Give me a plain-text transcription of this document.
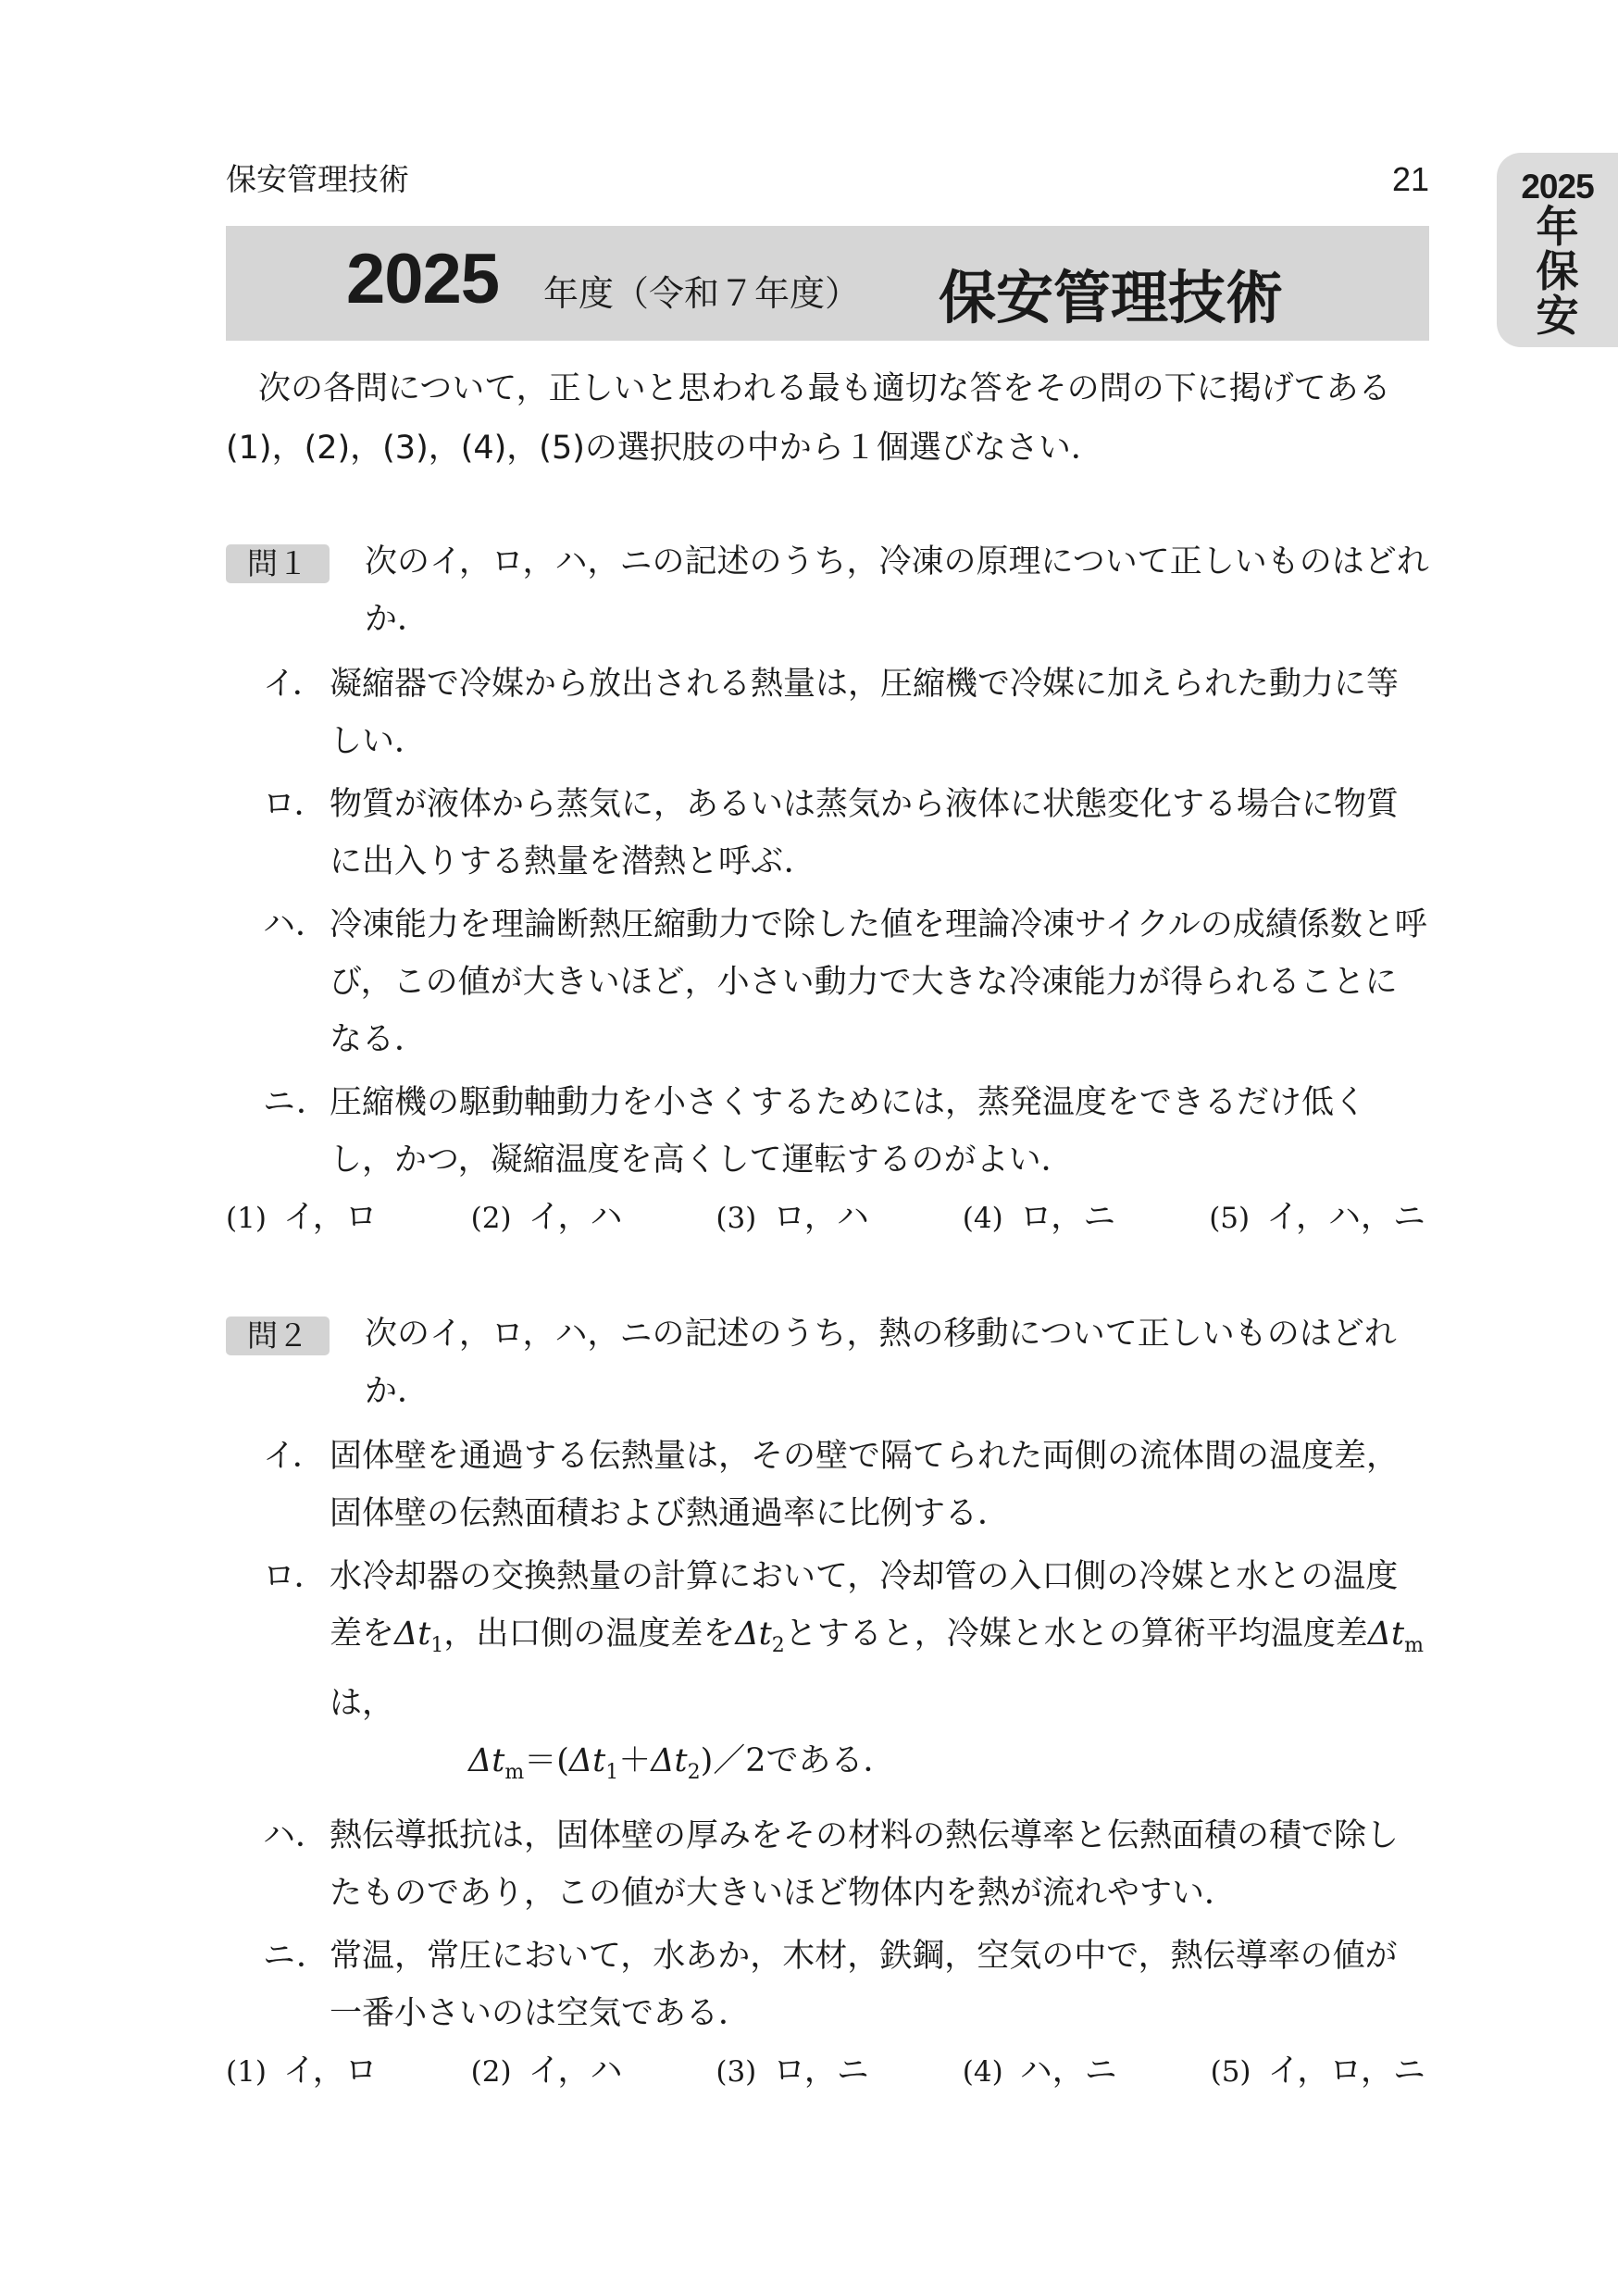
保安管理技術	21	2025
年
保
安
2025 年度（令和７年度） 保安管理技術

次の各問について，正しいと思われる最も適切な答をその問の下に掲げてある(1)，(2)，(3)，(4)，(5)の選択肢の中から１個選びなさい．

問１	次のイ，ロ，ハ，ニの記述のうち，冷凍の原理について正しいものはどれか．
イ． 凝縮器で冷媒から放出される熱量は，圧縮機で冷媒に加えられた動力に等しい．
ロ． 物質が液体から蒸気に，あるいは蒸気から液体に状態変化する場合に物質に出入りする熱量を潜熱と呼ぶ．
ハ． 冷凍能力を理論断熱圧縮動力で除した値を理論冷凍サイクルの成績係数と呼び，この値が大きいほど，小さい動力で大きな冷凍能力が得られることになる．
ニ． 圧縮機の駆動軸動力を小さくするためには，蒸発温度をできるだけ低くし，かつ，凝縮温度を高くして運転するのがよい．
(1) イ，ロ	(2) イ，ハ	(3) ロ，ハ	(4) ロ，ニ	(5) イ，ハ，ニ
問２	次のイ，ロ，ハ，ニの記述のうち，熱の移動について正しいものはどれか．
イ． 固体壁を通過する伝熱量は，その壁で隔てられた両側の流体間の温度差，固体壁の伝熱面積および熱通過率に比例する．
ロ． 水冷却器の交換熱量の計算において，冷却管の入口側の冷媒と水との温度差を$\Delta t_1$，出口側の温度差を$\Delta t_2$とすると，冷媒と水との算術平均温度差$\Delta t_m$は，
$\Delta t_m=(\Delta t_1+\Delta t_2)/2$である．
ハ． 熱伝導抵抗は，固体壁の厚みをその材料の熱伝導率と伝熱面積の積で除したものであり，この値が大きいほど物体内を熱が流れやすい．
ニ． 常温，常圧において，水あか，木材，鉄鋼，空気の中で，熱伝導率の値が一番小さいのは空気である．
(1) イ，ロ	(2) イ，ハ	(3) ロ，ニ	(4) ハ，ニ	(5) イ，ロ，ニ
